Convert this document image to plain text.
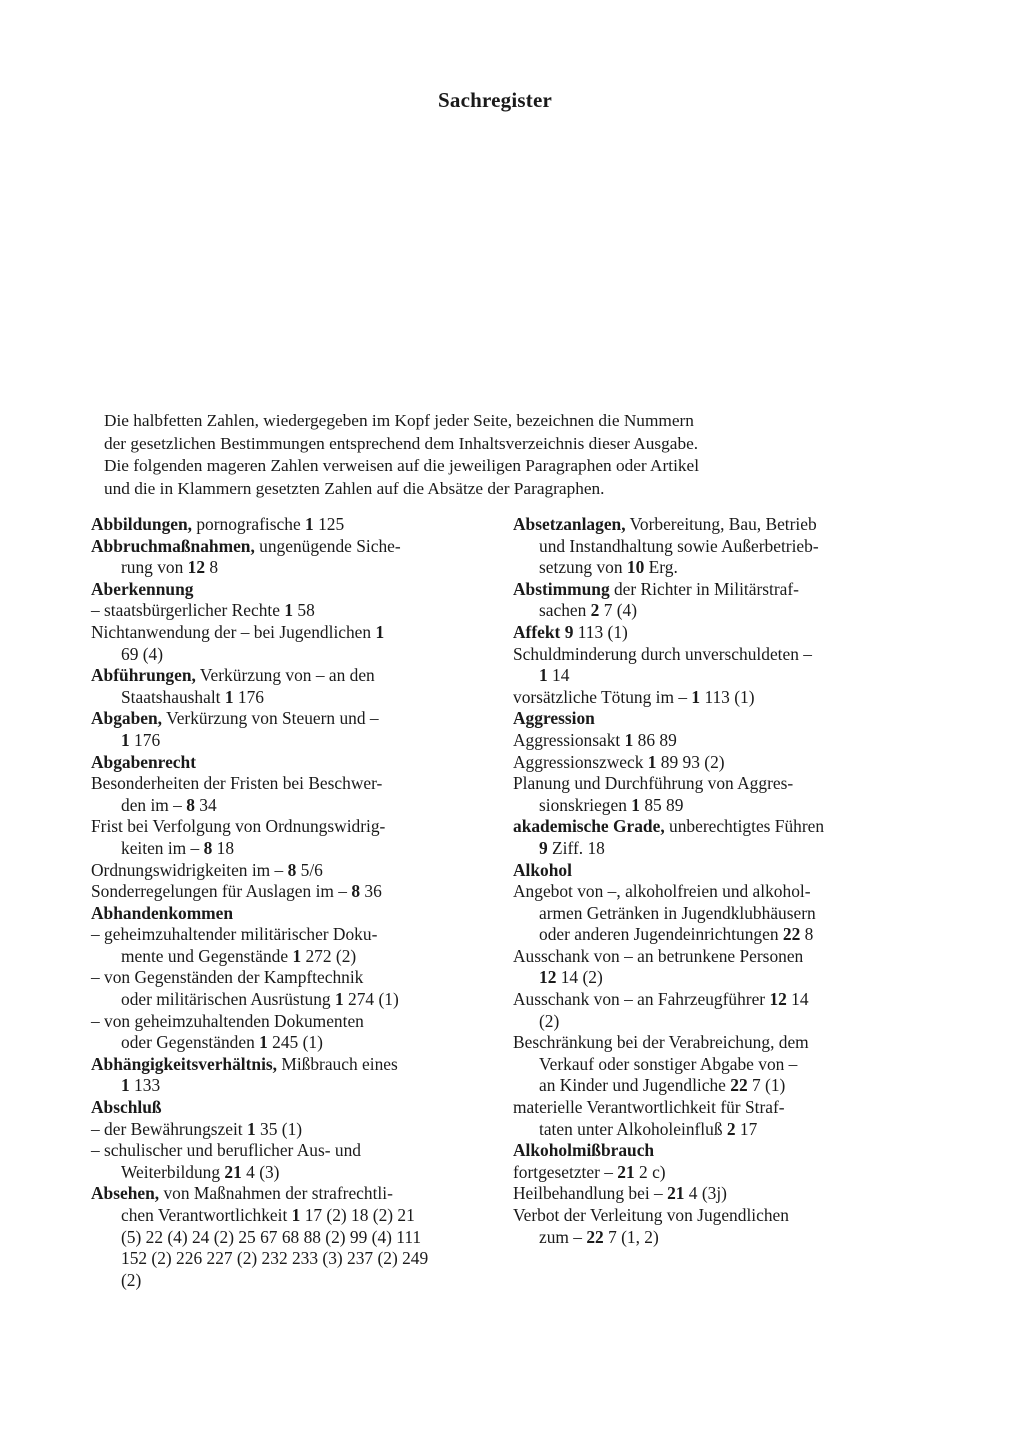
Sachregister
Die halbfetten Zahlen, wiedergegeben im Kopf jeder Seite, bezeichnen die Nummern
der gesetzlichen Bestimmungen entsprechend dem Inhaltsverzeichnis dieser Ausgabe.
Die folgenden mageren Zahlen verweisen auf die jeweiligen Paragraphen oder Artikel
und die in Klammern gesetzten Zahlen auf die Absätze der Paragraphen.
Abbildungen, pornografische 1 125
Abbruchmaßnahmen, ungenügende Siche-
rung von 12 8
Aberkennung
– staatsbürgerlicher Rechte 1 58
Nichtanwendung der – bei Jugendlichen 1
69 (4)
Abführungen, Verkürzung von – an den
Staatshaushalt 1 176
Abgaben, Verkürzung von Steuern und –
1 176
Abgabenrecht
Besonderheiten der Fristen bei Beschwer-
den im – 8 34
Frist bei Verfolgung von Ordnungswidrig-
keiten im – 8 18
Ordnungswidrigkeiten im – 8 5/6
Sonderregelungen für Auslagen im – 8 36
Abhandenkommen
– geheimzuhaltender militärischer Doku-
mente und Gegenstände 1 272 (2)
– von Gegenständen der Kampftechnik
oder militärischen Ausrüstung 1 274 (1)
– von geheimzuhaltenden Dokumenten
oder Gegenständen 1 245 (1)
Abhängigkeitsverhältnis, Mißbrauch eines
1 133
Abschluß
– der Bewährungszeit 1 35 (1)
– schulischer und beruflicher Aus- und
Weiterbildung 21 4 (3)
Absehen, von Maßnahmen der strafrechtli-
chen Verantwortlichkeit 1 17 (2) 18 (2) 21
(5) 22 (4) 24 (2) 25 67 68 88 (2) 99 (4) 111
152 (2) 226 227 (2) 232 233 (3) 237 (2) 249
(2)
Absetzanlagen, Vorbereitung, Bau, Betrieb
und Instandhaltung sowie Außerbetrieb-
setzung von 10 Erg.
Abstimmung der Richter in Militärstraf-
sachen 2 7 (4)
Affekt 9 113 (1)
Schuldminderung durch unverschuldeten –
1 14
vorsätzliche Tötung im – 1 113 (1)
Aggression
Aggressionsakt 1 86 89
Aggressionszweck 1 89 93 (2)
Planung und Durchführung von Aggres-
sionskriegen 1 85 89
akademische Grade, unberechtigtes Führen
9 Ziff. 18
Alkohol
Angebot von –, alkoholfreien und alkohol-
armen Getränken in Jugendklubhäusern
oder anderen Jugendeinrichtungen 22 8
Ausschank von – an betrunkene Personen
12 14 (2)
Ausschank von – an Fahrzeugführer 12 14
(2)
Beschränkung bei der Verabreichung, dem
Verkauf oder sonstiger Abgabe von –
an Kinder und Jugendliche 22 7 (1)
materielle Verantwortlichkeit für Straf-
taten unter Alkoholeinfluß 2 17
Alkoholmißbrauch
fortgesetzter – 21 2 c)
Heilbehandlung bei – 21 4 (3j)
Verbot der Verleitung von Jugendlichen
zum – 22 7 (1, 2)
